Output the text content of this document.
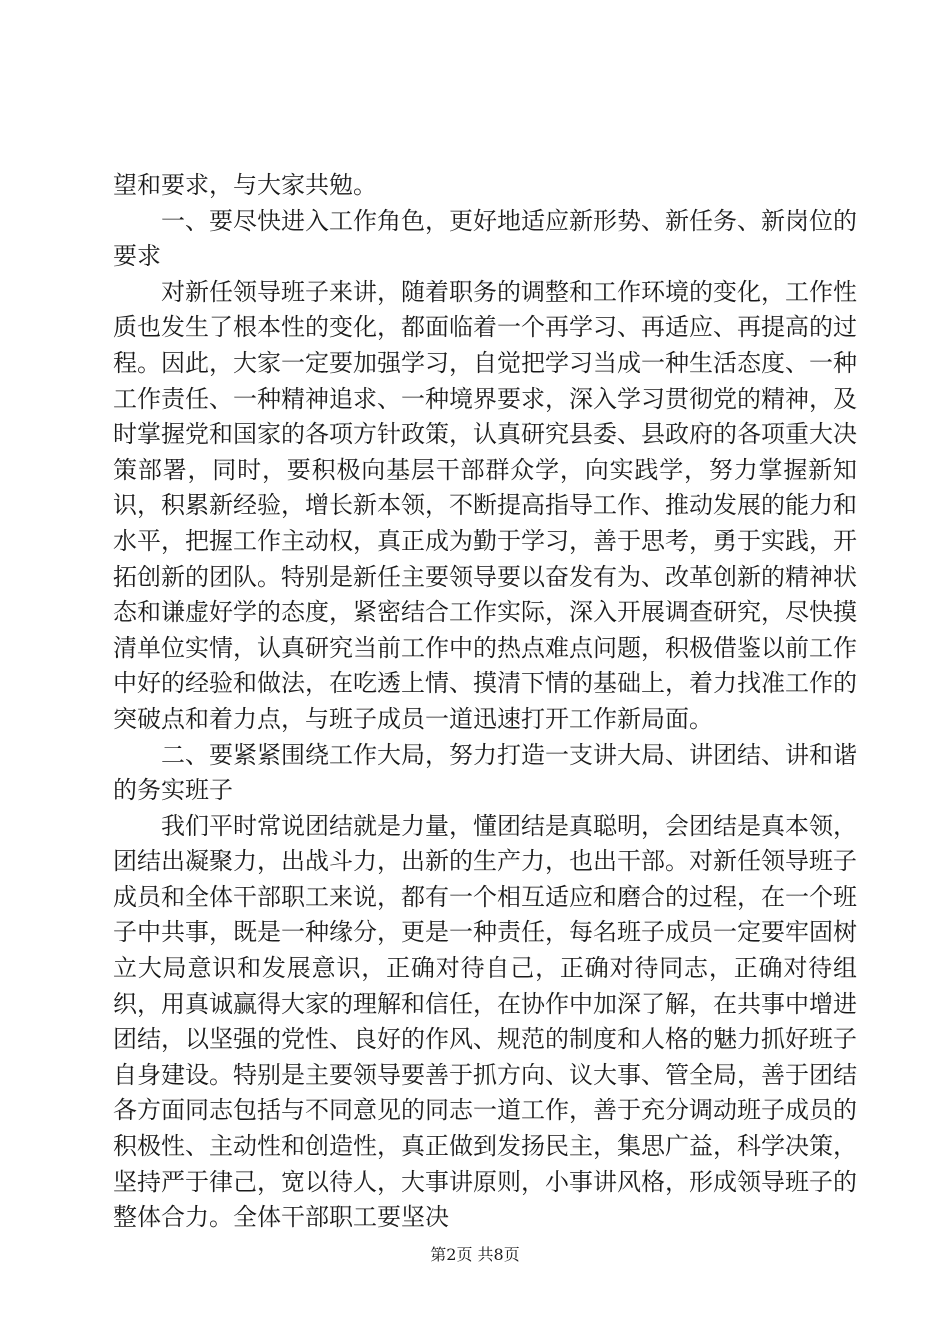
望和要求，与大家共勉。

一、要尽快进入工作角色，更好地适应新形势、新任务、新岗位的要求

对新任领导班子来讲，随着职务的调整和工作环境的变化，工作性质也发生了根本性的变化，都面临着一个再学习、再适应、再提高的过程。因此，大家一定要加强学习，自觉把学习当成一种生活态度、一种工作责任、一种精神追求、一种境界要求，深入学习贯彻党的精神，及时掌握党和国家的各项方针政策，认真研究县委、县政府的各项重大决策部署，同时，要积极向基层干部群众学，向实践学，努力掌握新知识，积累新经验，增长新本领，不断提高指导工作、推动发展的能力和水平，把握工作主动权，真正成为勤于学习，善于思考，勇于实践，开拓创新的团队。特别是新任主要领导要以奋发有为、改革创新的精神状态和谦虚好学的态度，紧密结合工作实际，深入开展调查研究，尽快摸清单位实情，认真研究当前工作中的热点难点问题，积极借鉴以前工作中好的经验和做法，在吃透上情、摸清下情的基础上，着力找准工作的突破点和着力点，与班子成员一道迅速打开工作新局面。

二、要紧紧围绕工作大局，努力打造一支讲大局、讲团结、讲和谐的务实班子

我们平时常说团结就是力量，懂团结是真聪明，会团结是真本领，团结出凝聚力，出战斗力，出新的生产力，也出干部。对新任领导班子成员和全体干部职工来说，都有一个相互适应和磨合的过程，在一个班子中共事，既是一种缘分，更是一种责任，每名班子成员一定要牢固树立大局意识和发展意识，正确对待自己，正确对待同志，正确对待组织，用真诚赢得大家的理解和信任，在协作中加深了解，在共事中增进团结，以坚强的党性、良好的作风、规范的制度和人格的魅力抓好班子自身建设。特别是主要领导要善于抓方向、议大事、管全局，善于团结各方面同志包括与不同意见的同志一道工作，善于充分调动班子成员的积极性、主动性和创造性，真正做到发扬民主，集思广益，科学决策，坚持严于律己，宽以待人，大事讲原则，小事讲风格，形成领导班子的整体合力。全体干部职工要坚决

第2页 共8页
